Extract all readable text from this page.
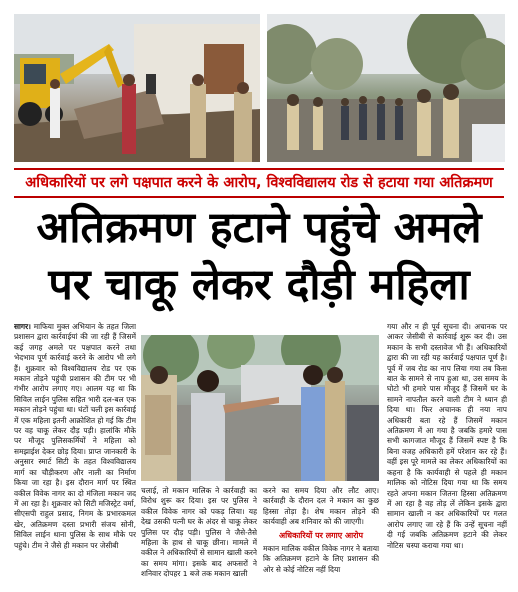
अधिकारियों पर लगे पक्षपात करने के आरोप, विश्वविद्यालय रोड से हटाया गया अतिक्रमण
अतिक्रमण हटाने पहुंचे अमले
पर चाकू लेकर दौड़ी महिला

सागर। माफिया मुक्त अभियान के तहत जिला प्रशासन द्वारा कार्रवाईयां की जा रही हैं जिसमें कई जगह अमले पर पक्षपात करने तथा भेदभाव पूर्ण कार्रवाई करने के आरोप भी लगे हैं। शुक्रवार को विश्वविद्यालय रोड पर एक मकान तोड़ने पहुंची प्रशासन की टीम पर भी गंभीर आरोप लगाए गए। आलम यह था कि सिविल लाईन पुलिस सहित भारी दल-बल एक मकान तोड़ने पहुंचा था। घंटों चली इस कार्रवाई में एक महिला इतनी आक्रोशित हो गई कि टीम पर वह चाकू लेकर दौड़ पड़ी। हालांकि मौके पर मौजूद पुलिसकर्मियों ने महिला को समझाईश देकर छोड़ दिया। प्राप्त जानकारी के अनुसार स्मार्ट सिटी के तहत विश्वविद्यालय मार्ग का चौड़ीकरण और नाली का निर्माण किया जा रहा है। इस दौरान मार्ग पर स्थित वकील विवेक नागर का दो मंजिला मकान जद में आ रहा है। शुक्रवार को सिटी मजिस्ट्रेट वर्मा, सीएसपी राहुल प्रसाद, निगम के प्रभारकमल खेर, अतिक्रमण दस्ता प्रभारी संजय सोनी, सिविल लाईन थाना पुलिस के साथ मौके पर पहुंचे। टीम ने जैसे ही मकान पर जेसीबी

चलाई, तो मकान मालिक ने कार्रवाही का विरोध शुरू कर दिया। इस पर पुलिस ने वकील विवेक नागर को पकड़ लिया। यह देख उसकी पत्नी घर के अंदर से चाकू लेकर पुलिस पर दौड़ पड़ी। पुलिस ने जैसे-तैसे महिला के हाथ से चाकू छीना। मामले में वकील ने अधिकारियों से सामान खाली करने का समय मांगा। इसके बाद अफसरों ने शनिवार दोपहर 1 बजे तक मकान खाली

करने का समय दिया और लौट आए। कार्रवाही के दौरान दल ने मकान का कुछ हिस्सा तोड़ा है। शेष मकान तोड़ने की कार्यवाही अब शनिवार को की जाएगी।

अधिकारियों पर लगाए आरोप

मकान मालिक वकील विवेक नागर ने बताया कि अतिक्रमण हटाने के लिए प्रशासन की ओर से कोई नोटिस नहीं दिया

गया और न ही पूर्व सूचना दी। अचानक पर आकर जेसीबी से कार्रवाई शुरू कर दी। उस मकान के सभी दस्तावेज भी हैं। अधिकारियों द्वारा की जा रही यह कार्रवाई पक्षपात पूर्ण है। पूर्व में जब रोड का नाप लिया गया तब किस बात के सामने से नाप हुआ था, उस समय के घोटो भी हमारे पास मौजूद हैं जिसमें घर के सामने नापतौल करने वाली टीम ने ध्यान ही दिया था। फिर अचानक ही नया नाप अधिकारी बता रहे हैं जिसमें मकान अतिक्रमण में आ गया है जबकि हमारे पास सभी कागजात मौजूद हैं जिसमें स्पष्ट है कि बिना वजह अधिकारी हमें परेशान कर रहे हैं। वहीं इस पूरे मामले का लेकर अधिकारियों का कहना है कि कार्यवाही से पहले ही मकान मालिक को नोटिस दिया गया था कि समय रहते अपना मकान जितना हिस्सा अतिक्रमण में आ रहा है वह तोड़ लें लेकिन इसके द्वारा सामान खाली न कर अधिकारियों पर गलत आरोप लगाए जा रहे हैं कि उन्हें सूचना नहीं दी गई जबकि अतिक्रमण हटाने की लेकर नोटिस चस्पा कराया गया था।
